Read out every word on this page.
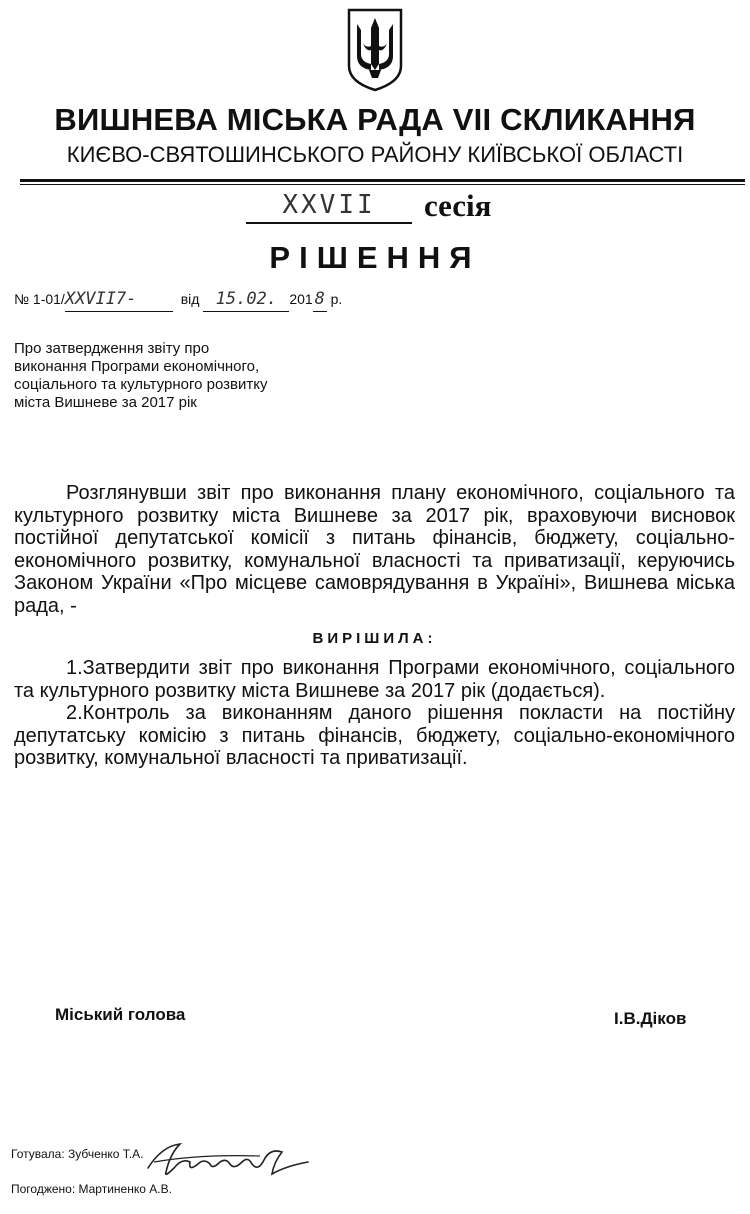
ВИШНЕВА МІСЬКА РАДА VII СКЛИКАННЯ
КИЄВО-СВЯТОШИНСЬКОГО РАЙОНУ КИЇВСЬКОЇ ОБЛАСТІ
XXVII	сесія
РІШЕННЯ
№ 1-01/XXVII7-	від 15.02. 201 8 р.

Про затвердження звіту про

виконання Програми економічного,

соціального та культурного розвитку

міста Вишневе за 2017 рік

Розглянувши звіт про виконання плану економічного, соціального та культурного розвитку міста Вишневе за 2017 рік, враховуючи висновок постійної депутатської комісії з питань фінансів, бюджету, соціально-економічного розвитку, комунальної власності та приватизації, керуючись Законом України «Про місцеве самоврядування в Україні», Вишнева міська рада, -

ВИРІШИЛА:

1.Затвердити звіт про виконання Програми економічного, соціального та культурного розвитку міста Вишневе за 2017 рік (додається).

2.Контроль за виконанням даного рішення покласти на постійну депутатську комісію з питань фінансів, бюджету, соціально-економічного розвитку, комунальної власності та приватизації.

Міський голова	І.В.Діков
Готувала: Зубченко Т.А.
Погоджено: Мартиненко А.В.
